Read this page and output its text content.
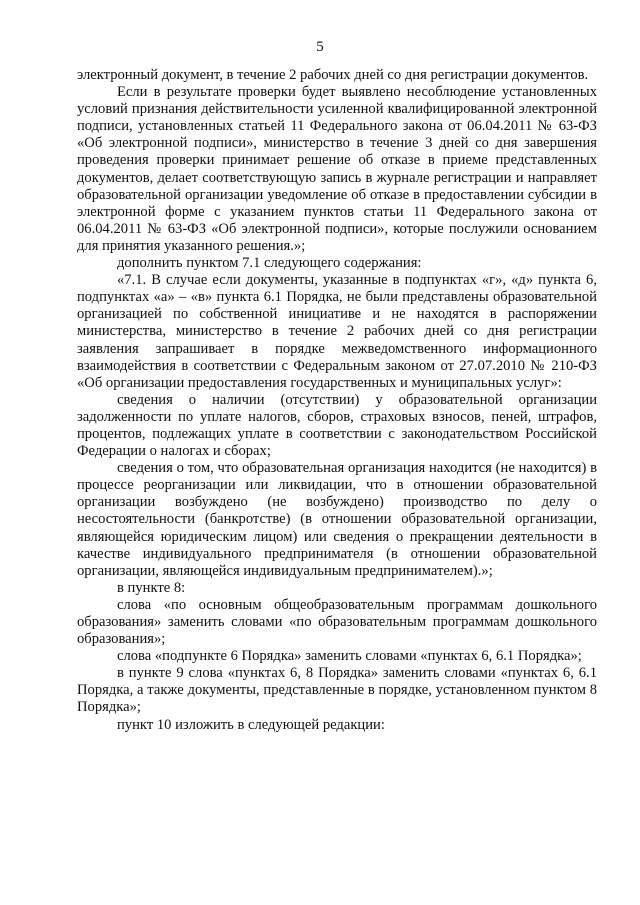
5

электронный документ, в течение 2 рабочих дней со дня регистрации документов.

Если в результате проверки будет выявлено несоблюдение установленных условий признания действительности усиленной квалифицированной электронной подписи, установленных статьей 11 Федерального закона от 06.04.2011 № 63-ФЗ «Об электронной подписи», министерство в течение 3 дней со дня завершения проведения проверки принимает решение об отказе в приеме представленных документов, делает соответствующую запись в журнале регистрации и направляет образовательной организации уведомление об отказе в предоставлении субсидии в электронной форме с указанием пунктов статьи 11 Федерального закона от 06.04.2011 № 63-ФЗ «Об электронной подписи», которые послужили основанием для принятия указанного решения.»;

дополнить пунктом 7.1 следующего содержания:

«7.1. В случае если документы, указанные в подпунктах «г», «д» пункта 6, подпунктах «а» – «в» пункта 6.1 Порядка, не были представлены образовательной организацией по собственной инициативе и не находятся в распоряжении министерства, министерство в течение 2 рабочих дней со дня регистрации заявления запрашивает в порядке межведомственного информационного взаимодействия в соответствии с Федеральным законом от 27.07.2010 № 210-ФЗ «Об организации предоставления государственных и муниципальных услуг»:

сведения о наличии (отсутствии) у образовательной организации задолженности по уплате налогов, сборов, страховых взносов, пеней, штрафов, процентов, подлежащих уплате в соответствии с законодательством Российской Федерации о налогах и сборах;

сведения о том, что образовательная организация находится (не находится) в процессе реорганизации или ликвидации, что в отношении образовательной организации возбуждено (не возбуждено) производство по делу о несостоятельности (банкротстве) (в отношении образовательной организации, являющейся юридическим лицом) или сведения о прекращении деятельности в качестве индивидуального предпринимателя (в отношении образовательной организации, являющейся индивидуальным предпринимателем).»;

в пункте 8:

слова «по основным общеобразовательным программам дошкольного образования» заменить словами «по образовательным программам дошкольного образования»;

слова «подпункте 6 Порядка» заменить словами «пунктах 6, 6.1 Порядка»;

в пункте 9 слова «пунктах 6, 8 Порядка» заменить словами «пунктах 6, 6.1 Порядка, а также документы, представленные в порядке, установленном пунктом 8 Порядка»;

пункт 10 изложить в следующей редакции:
